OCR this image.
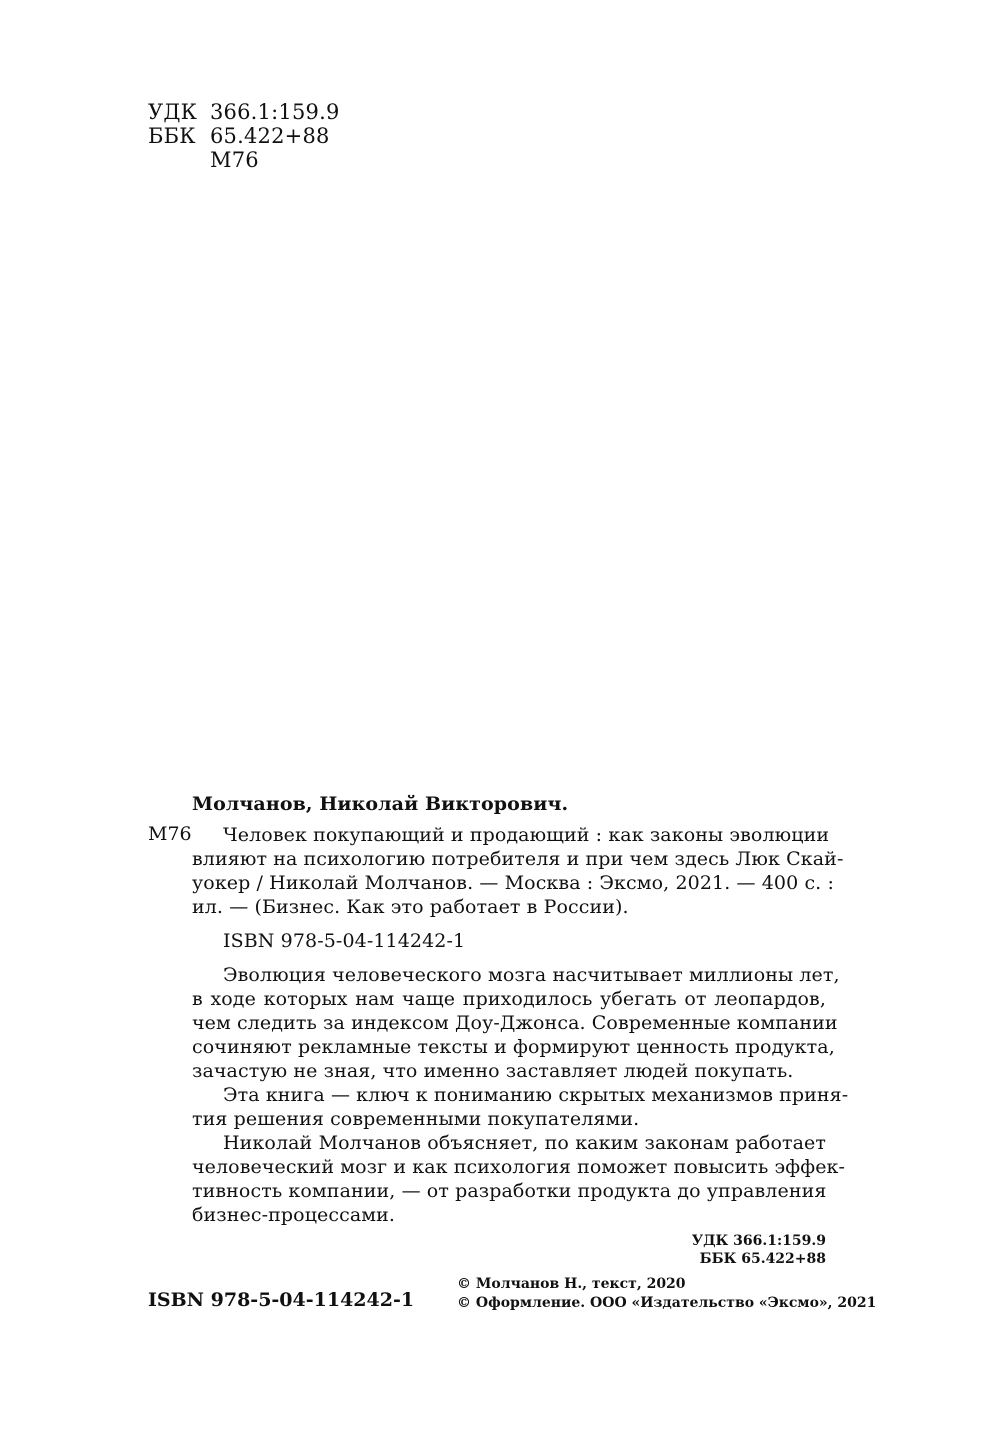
УДК 366.1:159.9
ББК 65.422+88
М76
Молчанов, Николай Викторович.
М76 Человек покупающий и продающий : как законы эволюции
влияют на психологию потребителя и при чем здесь Люк Скай-
уокер / Николай Молчанов. — Москва : Эксмо, 2021. — 400 с. :
ил. — (Бизнес. Как это работает в России).
ISBN 978-5-04-114242-1
Эволюция человеческого мозга насчитывает миллионы лет,
в ходе которых нам чаще приходилось убегать от леопардов,
чем следить за индексом Доу-Джонса. Современные компании
сочиняют рекламные тексты и формируют ценность продукта,
зачастую не зная, что именно заставляет людей покупать.
Эта книга — ключ к пониманию скрытых механизмов приня-
тия решения современными покупателями.
Николай Молчанов объясняет, по каким законам работает
человеческий мозг и как психология поможет повысить эффек-
тивность компании, — от разработки продукта до управления
бизнес-процессами.
УДК 366.1:159.9
ББК 65.422+88
ISBN 978-5-04-114242-1
© Молчанов Н., текст, 2020
© Оформление. ООО «Издательство «Эксмо», 2021
